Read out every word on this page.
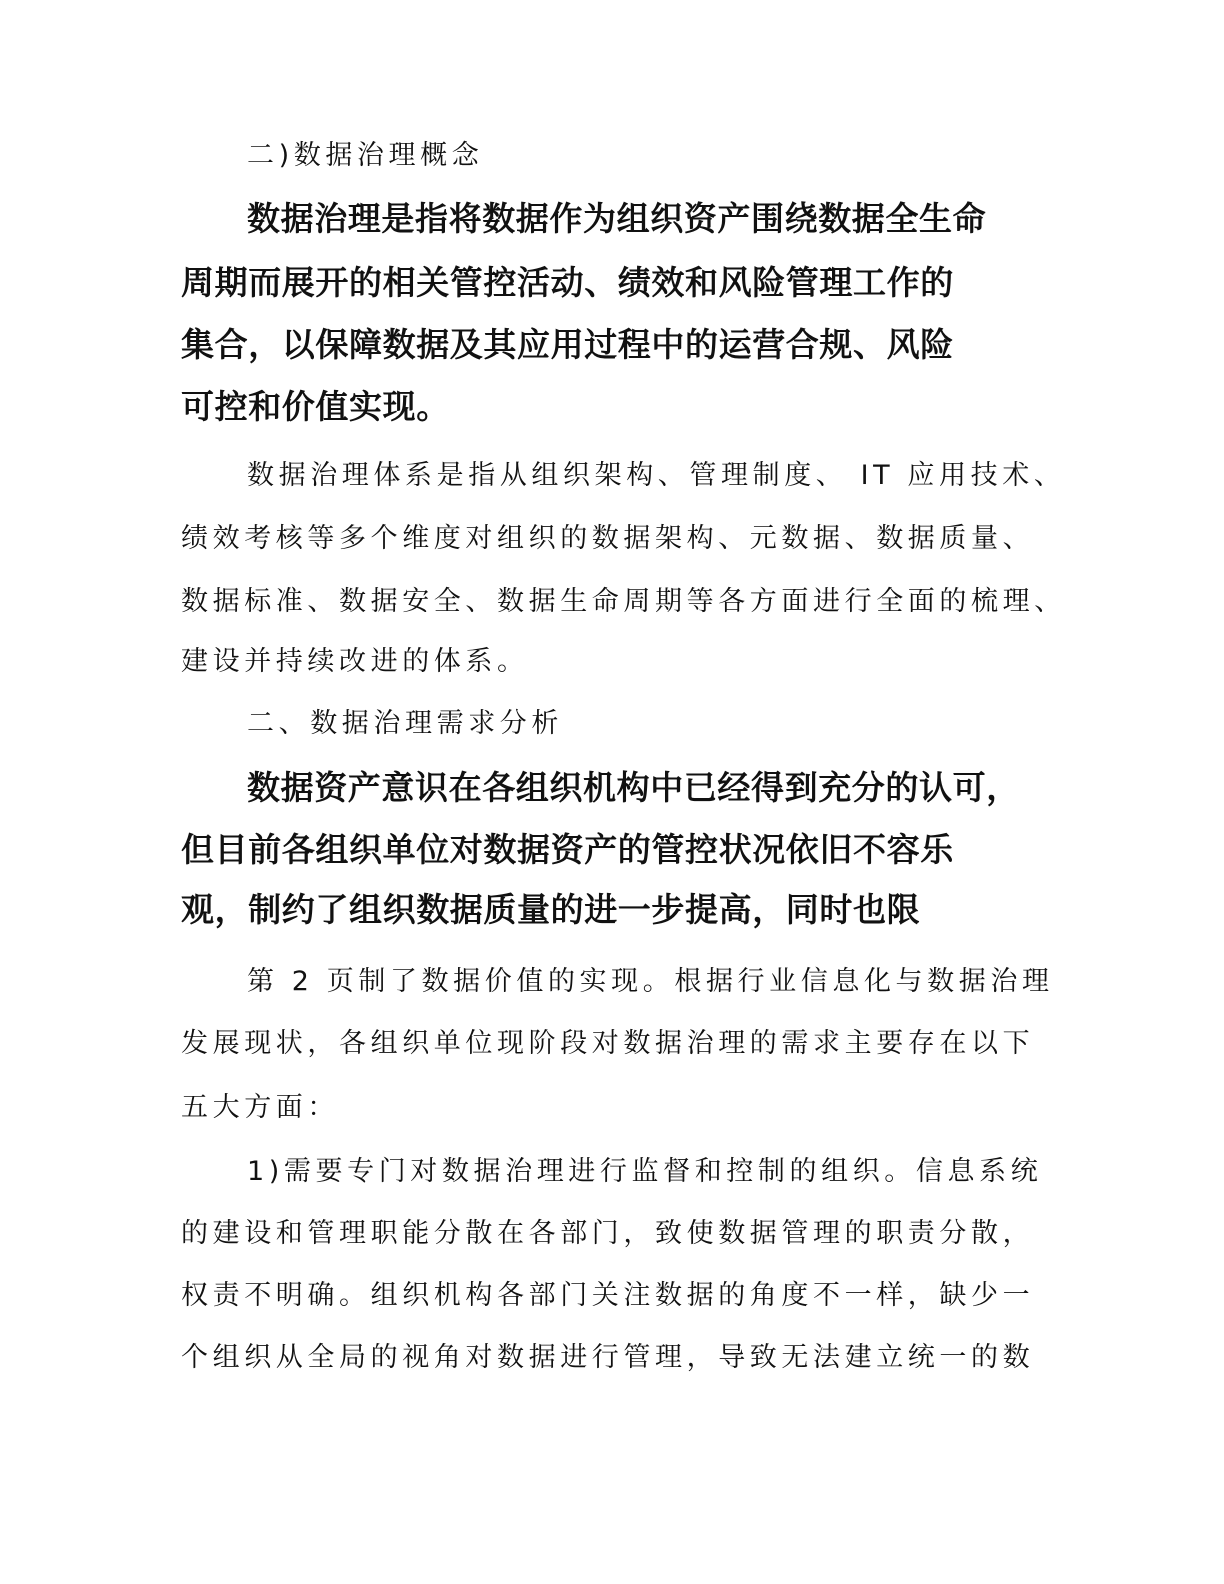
二)数据治理概念
数据治理是指将数据作为组织资产围绕数据全生命
周期而展开的相关管控活动、绩效和风险管理工作的
集合，以保障数据及其应用过程中的运营合规、风险
可控和价值实现。
数据治理体系是指从组织架构、管理制度、 IT 应用技术、
绩效考核等多个维度对组织的数据架构、元数据、数据质量、
数据标准、数据安全、数据生命周期等各方面进行全面的梳理、
建设并持续改进的体系。
二、数据治理需求分析
数据资产意识在各组织机构中已经得到充分的认可，
但目前各组织单位对数据资产的管控状况依旧不容乐
观，制约了组织数据质量的进一步提高，同时也限
第 2 页制了数据价值的实现。根据行业信息化与数据治理
发展现状，各组织单位现阶段对数据治理的需求主要存在以下
五大方面：
1)需要专门对数据治理进行监督和控制的组织。信息系统
的建设和管理职能分散在各部门，致使数据管理的职责分散，
权责不明确。组织机构各部门关注数据的角度不一样，缺少一
个组织从全局的视角对数据进行管理，导致无法建立统一的数
